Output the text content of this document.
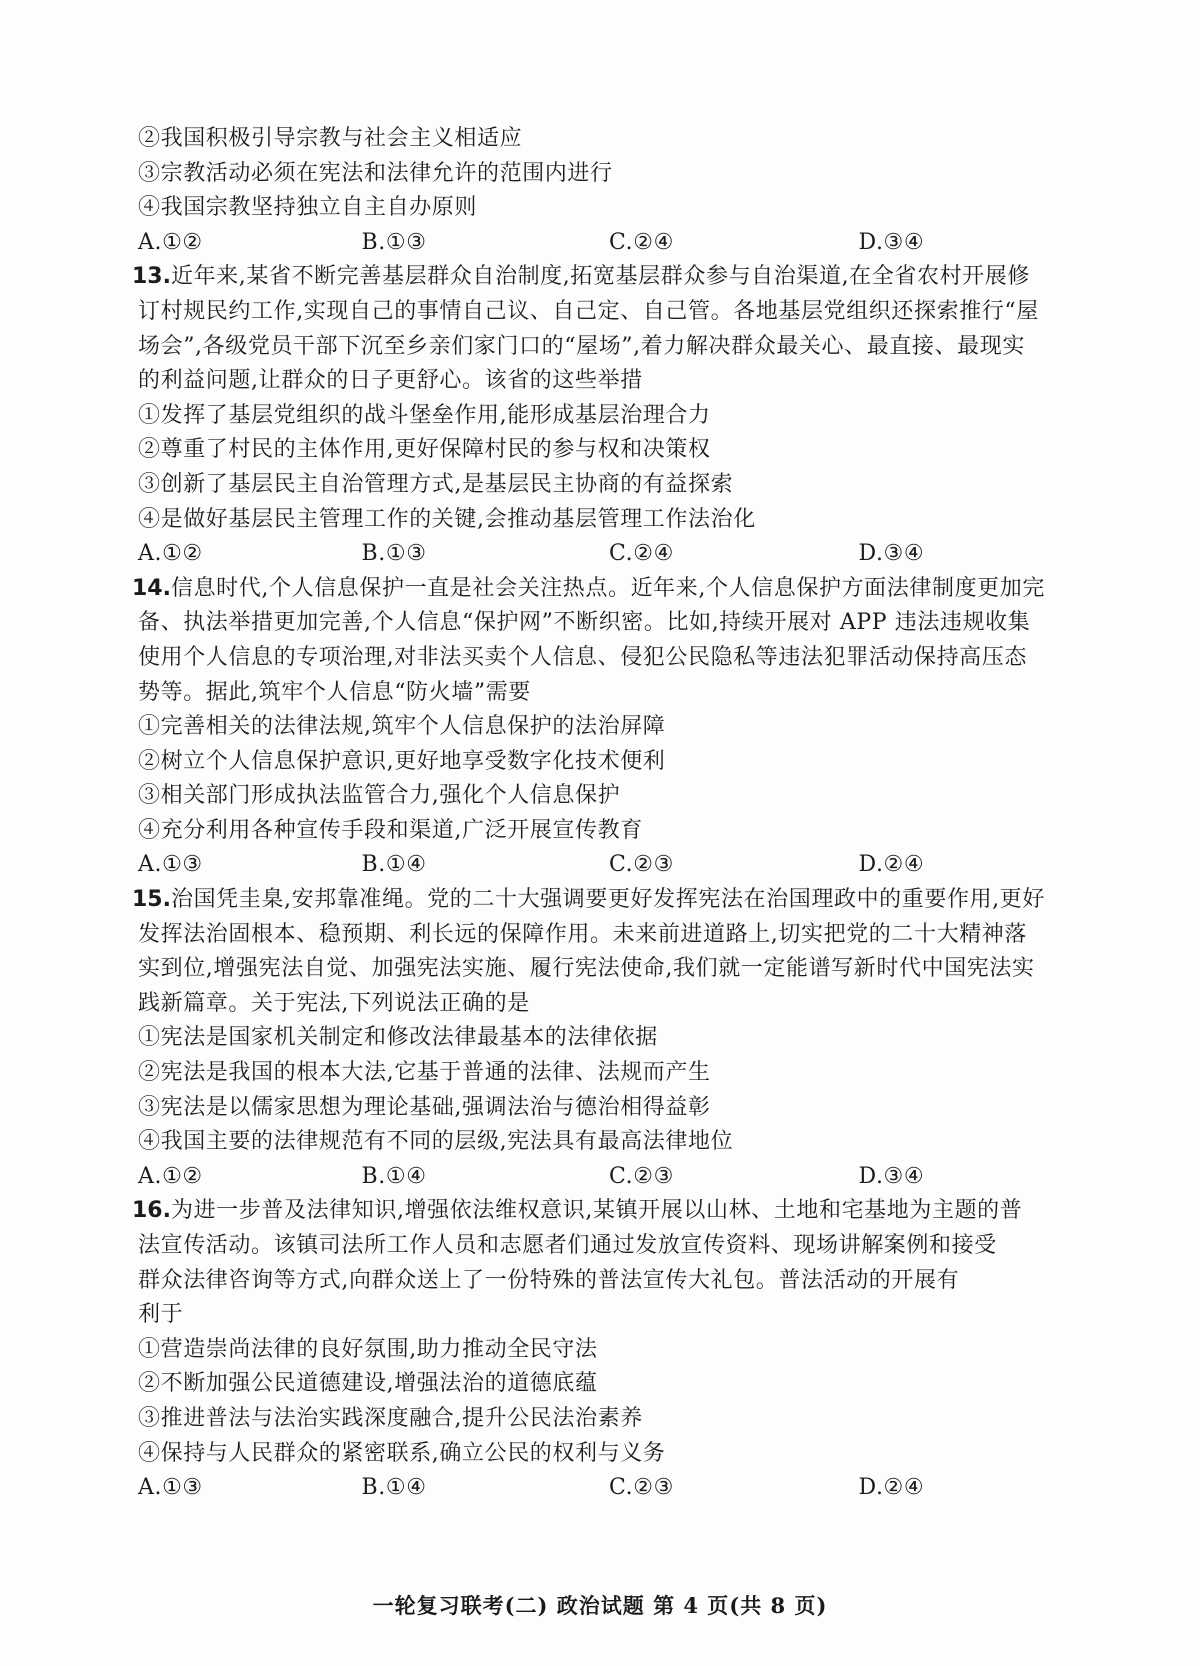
②我国积极引导宗教与社会主义相适应
③宗教活动必须在宪法和法律允许的范围内进行
④我国宗教坚持独立自主自办原则
A.①②	B.①③	C.②④	D.③④
13.近年来,某省不断完善基层群众自治制度,拓宽基层群众参与自治渠道,在全省农村开展修
订村规民约工作,实现自己的事情自己议、自己定、自己管。各地基层党组织还探索推行“屋
场会”,各级党员干部下沉至乡亲们家门口的“屋场”,着力解决群众最关心、最直接、最现实
的利益问题,让群众的日子更舒心。该省的这些举措
①发挥了基层党组织的战斗堡垒作用,能形成基层治理合力
②尊重了村民的主体作用,更好保障村民的参与权和决策权
③创新了基层民主自治管理方式,是基层民主协商的有益探索
④是做好基层民主管理工作的关键,会推动基层管理工作法治化
A.①②	B.①③	C.②④	D.③④
14.信息时代,个人信息保护一直是社会关注热点。近年来,个人信息保护方面法律制度更加完
备、执法举措更加完善,个人信息“保护网”不断织密。比如,持续开展对 APP 违法违规收集
使用个人信息的专项治理,对非法买卖个人信息、侵犯公民隐私等违法犯罪活动保持高压态
势等。据此,筑牢个人信息“防火墙”需要
①完善相关的法律法规,筑牢个人信息保护的法治屏障
②树立个人信息保护意识,更好地享受数字化技术便利
③相关部门形成执法监管合力,强化个人信息保护
④充分利用各种宣传手段和渠道,广泛开展宣传教育
A.①③	B.①④	C.②③	D.②④
15.治国凭圭臬,安邦靠准绳。党的二十大强调要更好发挥宪法在治国理政中的重要作用,更好
发挥法治固根本、稳预期、利长远的保障作用。未来前进道路上,切实把党的二十大精神落
实到位,增强宪法自觉、加强宪法实施、履行宪法使命,我们就一定能谱写新时代中国宪法实
践新篇章。关于宪法,下列说法正确的是
①宪法是国家机关制定和修改法律最基本的法律依据
②宪法是我国的根本大法,它基于普通的法律、法规而产生
③宪法是以儒家思想为理论基础,强调法治与德治相得益彰
④我国主要的法律规范有不同的层级,宪法具有最高法律地位
A.①②	B.①④	C.②③	D.③④
16.为进一步普及法律知识,增强依法维权意识,某镇开展以山林、土地和宅基地为主题的普
法宣传活动。该镇司法所工作人员和志愿者们通过发放宣传资料、现场讲解案例和接受
群众法律咨询等方式,向群众送上了一份特殊的普法宣传大礼包。普法活动的开展有
利于
①营造崇尚法律的良好氛围,助力推动全民守法
②不断加强公民道德建设,增强法治的道德底蕴
③推进普法与法治实践深度融合,提升公民法治素养
④保持与人民群众的紧密联系,确立公民的权利与义务
A.①③	B.①④	C.②③	D.②④
一轮复习联考(二) 政治试题 第 4 页(共 8 页)
